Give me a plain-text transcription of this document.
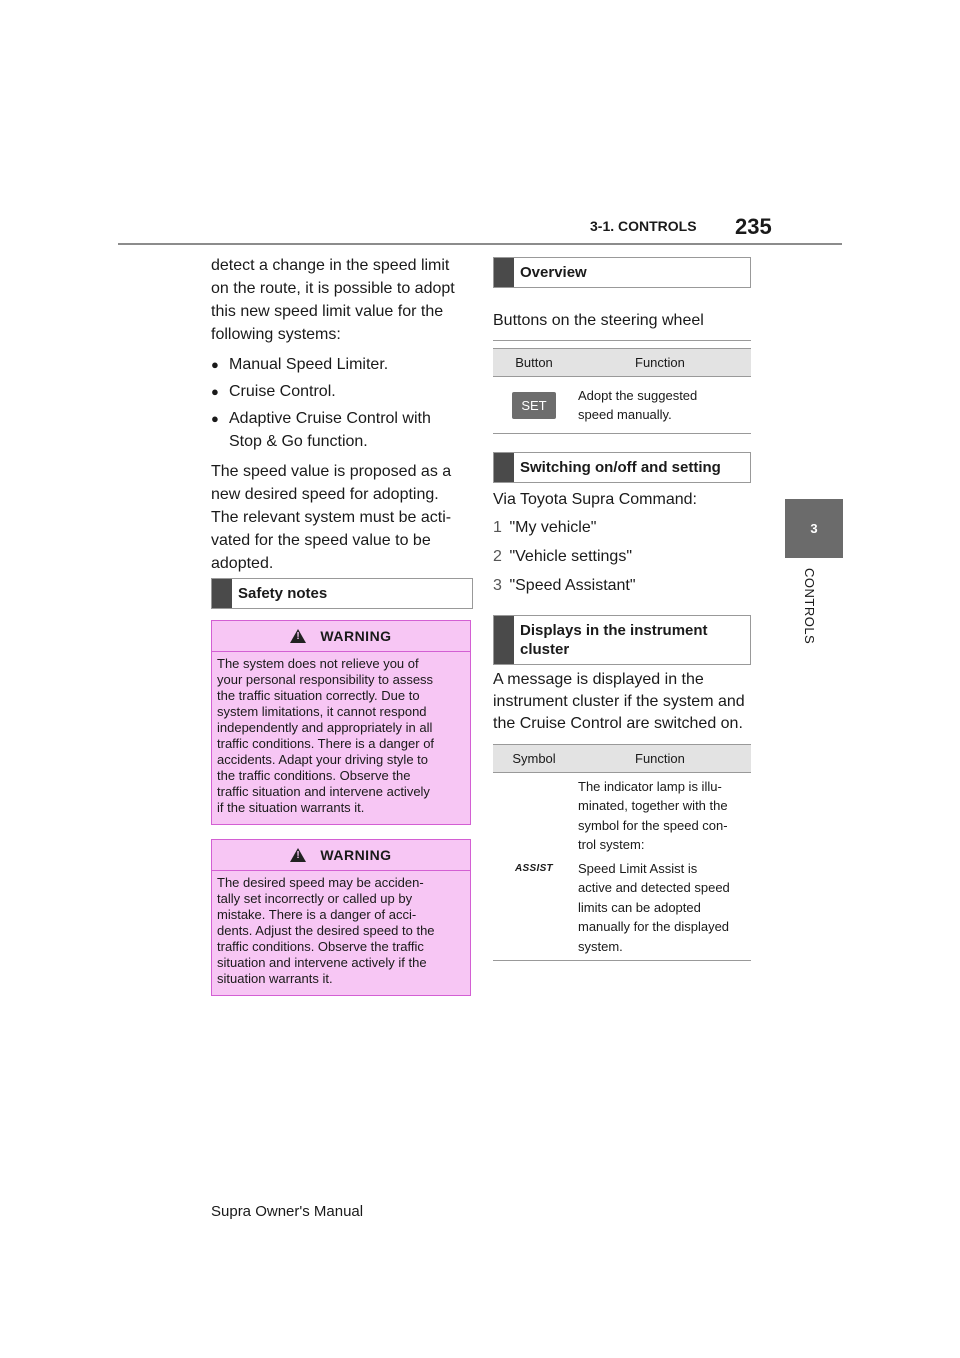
3-1. CONTROLS 235
3
CONTROLS
detect a change in the speed limit
on the route, it is possible to adopt
this new speed limit value for the
following systems:
● Manual Speed Limiter.
● Cruise Control.
● Adaptive Cruise Control with
Stop & Go function.
The speed value is proposed as a
new desired speed for adopting.
The relevant system must be acti-
vated for the speed value to be
adopted.
Safety notes
!
WARNING
The system does not relieve you of
your personal responsibility to assess
the traffic situation correctly. Due to
system limitations, it cannot respond
independently and appropriately in all
traffic conditions. There is a danger of
accidents. Adapt your driving style to
the traffic conditions. Observe the
traffic situation and intervene actively
if the situation warrants it.
!
WARNING
The desired speed may be acciden-
tally set incorrectly or called up by
mistake. There is a danger of acci-
dents. Adjust the desired speed to the
traffic conditions. Observe the traffic
situation and intervene actively if the
situation warrants it.
Overview
Buttons on the steering wheel
Button	Function
SET
Adopt the suggested
speed manually.
Switching on/off and setting
Via Toyota Supra Command:
1 "My vehicle"
2 "Vehicle settings"
3 "Speed Assistant"
Displays in the instrument
cluster
A message is displayed in the
instrument cluster if the system and
the Cruise Control are switched on.
Symbol	Function
ASSIST
The indicator lamp is illu-
minated, together with the
symbol for the speed con-
trol system:
Speed Limit Assist is
active and detected speed
limits can be adopted
manually for the displayed
system.
Supra Owner's Manual
